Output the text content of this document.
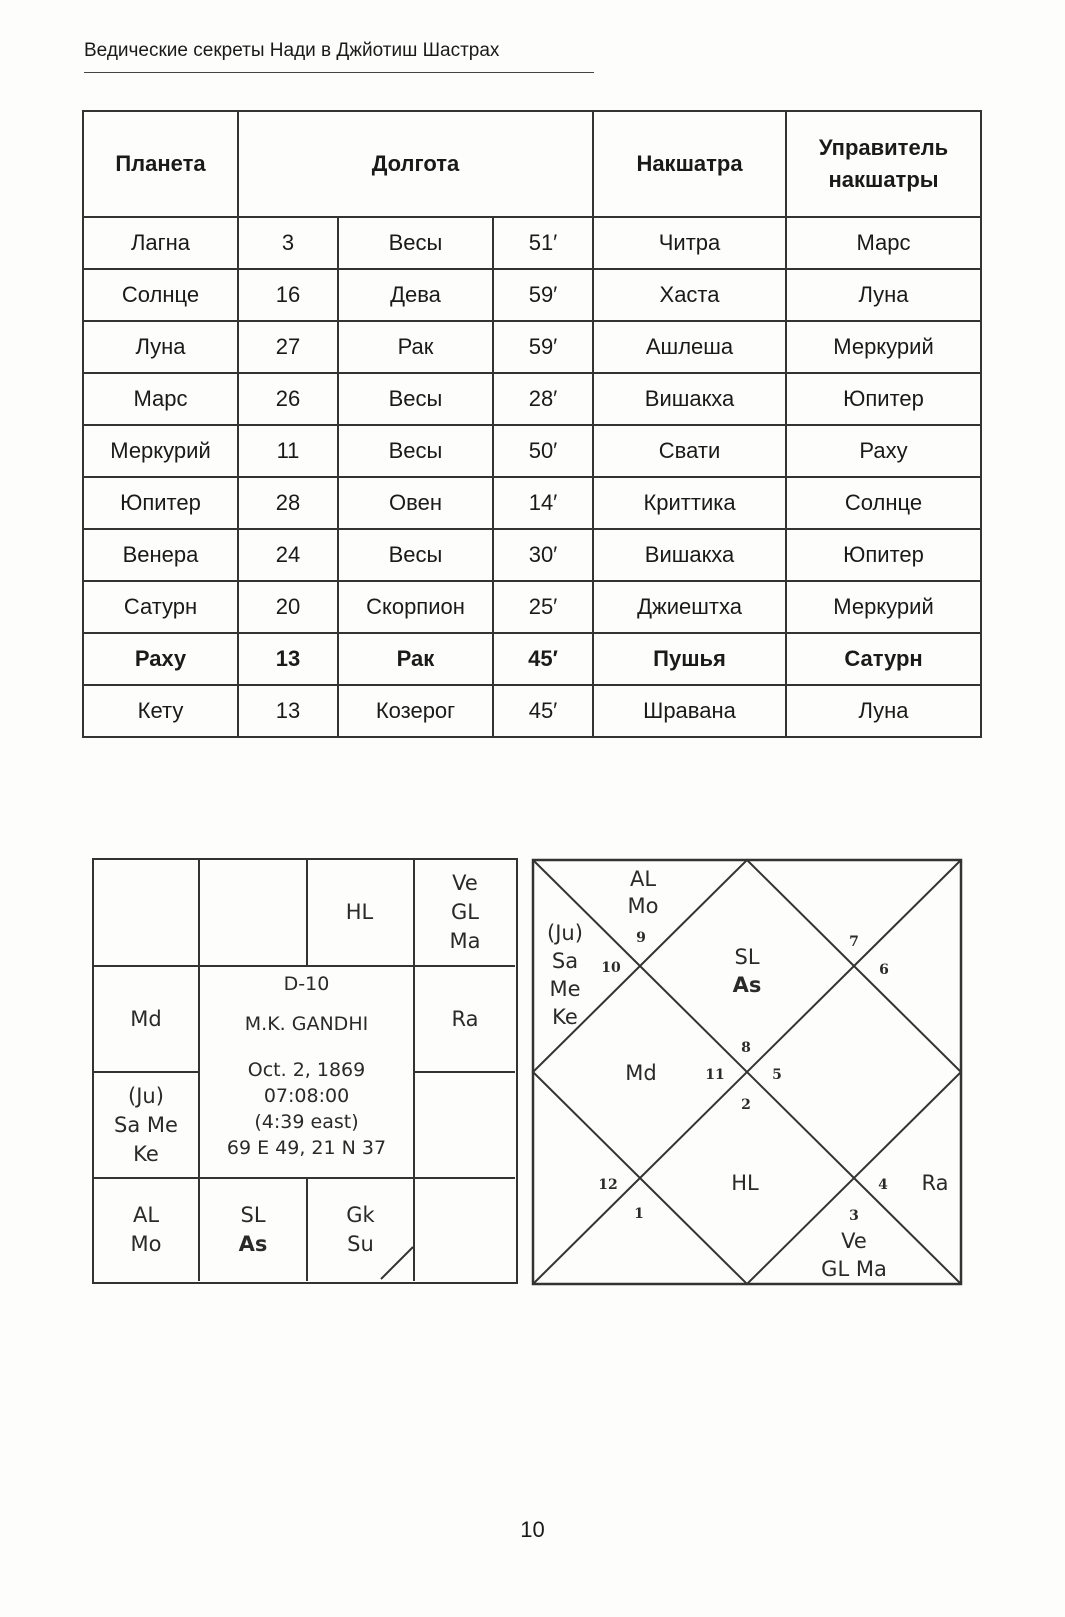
Ведические секреты Нади в Джйотиш Шастрах
Планета	Долгота			Накшатра	Управитель
накшатры

Лагна	3	Весы	51′	Читра	Марс
Солнце	16	Дева	59′	Хаста	Луна
Луна	27	Рак	59′	Ашлеша	Меркурий
Марс	26	Весы	28′	Вишакха	Юпитер
Меркурий	11	Весы	50′	Свати	Раху
Юпитер	28	Овен	14′	Криттика	Солнце
Венера	24	Весы	30′	Вишакха	Юпитер
Сатурн	20	Скорпион	25′	Джиештха	Меркурий
Раху	13	Рак	45′	Пушья	Сатурн
Кету	13	Козерог	45′	Шравана	Луна
HL
Ve
GL
Ma
Md	Ra
(Ju)
Sa Me
Ke
AL
Mo
SL
As
Gk
Su
D-10
M.K. GANDHI
Oct. 2, 1869
07:08:00
(4:39 east)
69 E 49, 21 N 37
AL
Mo
(Ju)
Sa
Me
Ke
SL
As
Md
HL	Ra
Ve
GL Ma
9
10
7
6
8
11	5
2
12	4
1	3
10
